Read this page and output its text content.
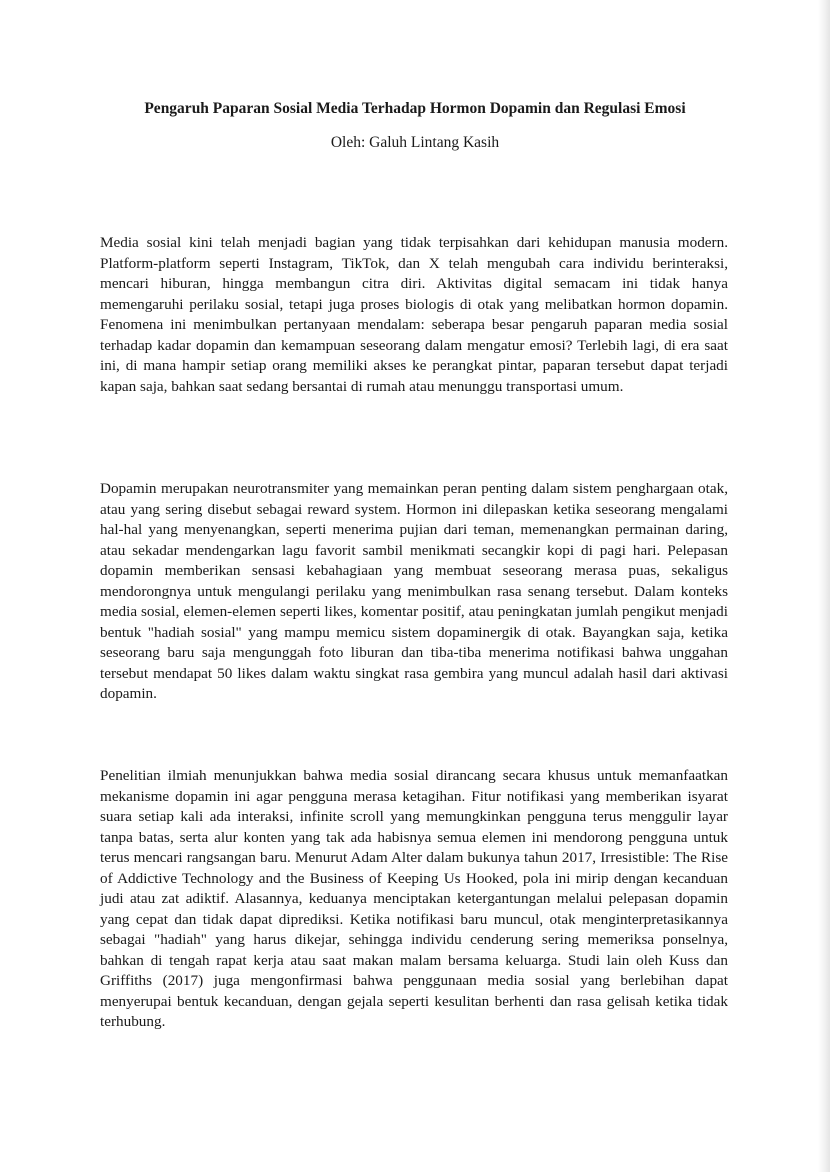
Pengaruh Paparan Sosial Media Terhadap Hormon Dopamin dan Regulasi Emosi

Oleh: Galuh Lintang Kasih

Media sosial kini telah menjadi bagian yang tidak terpisahkan dari kehidupan manusia modern. Platform-platform seperti Instagram, TikTok, dan X telah mengubah cara individu berinteraksi, mencari hiburan, hingga membangun citra diri. Aktivitas digital semacam ini tidak hanya memengaruhi perilaku sosial, tetapi juga proses biologis di otak yang melibatkan hormon dopamin. Fenomena ini menimbulkan pertanyaan mendalam: seberapa besar pengaruh paparan media sosial terhadap kadar dopamin dan kemampuan seseorang dalam mengatur emosi? Terlebih lagi, di era saat ini, di mana hampir setiap orang memiliki akses ke perangkat pintar, paparan tersebut dapat terjadi kapan saja, bahkan saat sedang bersantai di rumah atau menunggu transportasi umum.

Dopamin merupakan neurotransmiter yang memainkan peran penting dalam sistem penghargaan otak, atau yang sering disebut sebagai reward system. Hormon ini dilepaskan ketika seseorang mengalami hal-hal yang menyenangkan, seperti menerima pujian dari teman, memenangkan permainan daring, atau sekadar mendengarkan lagu favorit sambil menikmati secangkir kopi di pagi hari. Pelepasan dopamin memberikan sensasi kebahagiaan yang membuat seseorang merasa puas, sekaligus mendorongnya untuk mengulangi perilaku yang menimbulkan rasa senang tersebut. Dalam konteks media sosial, elemen-elemen seperti likes, komentar positif, atau peningkatan jumlah pengikut menjadi bentuk "hadiah sosial" yang mampu memicu sistem dopaminergik di otak. Bayangkan saja, ketika seseorang baru saja mengunggah foto liburan dan tiba-tiba menerima notifikasi bahwa unggahan tersebut mendapat 50 likes dalam waktu singkat rasa gembira yang muncul adalah hasil dari aktivasi dopamin.

Penelitian ilmiah menunjukkan bahwa media sosial dirancang secara khusus untuk memanfaatkan mekanisme dopamin ini agar pengguna merasa ketagihan. Fitur notifikasi yang memberikan isyarat suara setiap kali ada interaksi, infinite scroll yang memungkinkan pengguna terus menggulir layar tanpa batas, serta alur konten yang tak ada habisnya semua elemen ini mendorong pengguna untuk terus mencari rangsangan baru. Menurut Adam Alter dalam bukunya tahun 2017, Irresistible: The Rise of Addictive Technology and the Business of Keeping Us Hooked, pola ini mirip dengan kecanduan judi atau zat adiktif. Alasannya, keduanya menciptakan ketergantungan melalui pelepasan dopamin yang cepat dan tidak dapat diprediksi. Ketika notifikasi baru muncul, otak menginterpretasikannya sebagai "hadiah" yang harus dikejar, sehingga individu cenderung sering memeriksa ponselnya, bahkan di tengah rapat kerja atau saat makan malam bersama keluarga. Studi lain oleh Kuss dan Griffiths (2017) juga mengonfirmasi bahwa penggunaan media sosial yang berlebihan dapat menyerupai bentuk kecanduan, dengan gejala seperti kesulitan berhenti dan rasa gelisah ketika tidak terhubung.
